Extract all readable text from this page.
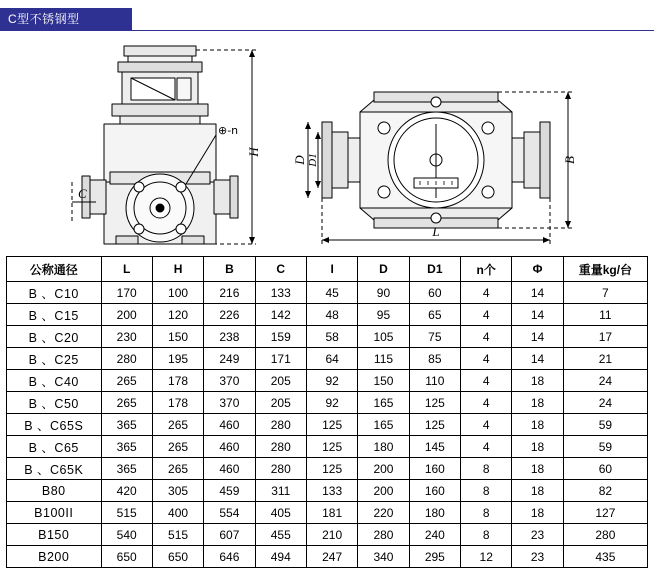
C型不锈钢型
⊕-n
H
C
D D1	B
L
公称通径	L	H	B	C	I	D	D1	n个	Φ	重量kg/台
B 、C10	170	100	216	133	45	90	60	4	14	7
B 、C15	200	120	226	142	48	95	65	4	14	11
B 、C20	230	150	238	159	58	105	75	4	14	17
B 、C25	280	195	249	171	64	115	85	4	14	21
B 、C40	265	178	370	205	92	150	110	4	18	24
B 、C50	265	178	370	205	92	165	125	4	18	24
B 、C65S	365	265	460	280	125	165	125	4	18	59
B 、C65	365	265	460	280	125	180	145	4	18	59
B 、C65K	365	265	460	280	125	200	160	8	18	60
B80	420	305	459	311	133	200	160	8	18	82
B100II	515	400	554	405	181	220	180	8	18	127
B150	540	515	607	455	210	280	240	8	23	280
B200	650	650	646	494	247	340	295	12	23	435
